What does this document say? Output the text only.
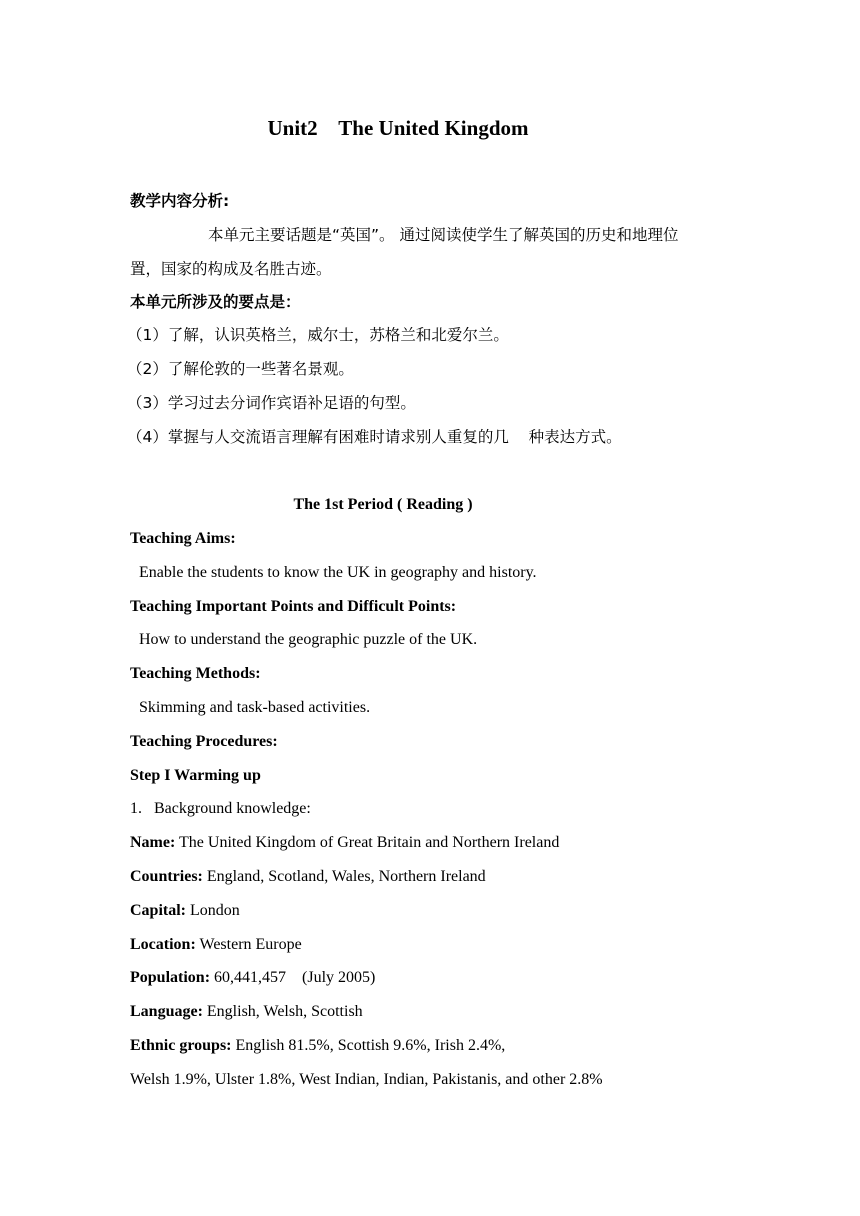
Unit2    The United Kingdom
教学内容分析:
本单元主要话题是“英国”。 通过阅读使学生了解英国的历史和地理位
置，国家的构成及名胜古迹。
本单元所涉及的要点是：
（1）了解，认识英格兰，威尔士，苏格兰和北爱尔兰。
（2）了解伦敦的一些著名景观。
（3）学习过去分词作宾语补足语的句型。
（4）掌握与人交流语言理解有困难时请求别人重复的几    种表达方式。
The 1st Period ( Reading )
Teaching Aims:
Enable the students to know the UK in geography and history.
Teaching Important Points and Difficult Points:
How to understand the geographic puzzle of the UK.
Teaching Methods:
Skimming and task-based activities.
Teaching Procedures:
Step I Warming up
1.   Background knowledge:
Name: The United Kingdom of Great Britain and Northern Ireland
Countries: England, Scotland, Wales, Northern Ireland
Capital: London
Location: Western Europe
Population: 60,441,457    (July 2005)
Language: English, Welsh, Scottish
Ethnic groups: English 81.5%, Scottish 9.6%, Irish 2.4%,
Welsh 1.9%, Ulster 1.8%, West Indian, Indian, Pakistanis, and other 2.8%
